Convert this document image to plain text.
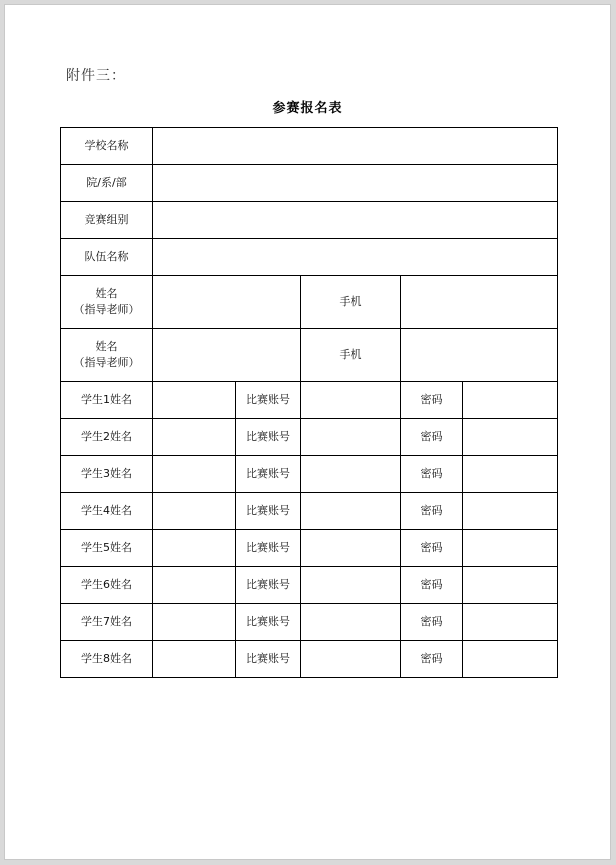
附件三：
参赛报名表
学校名称					
院/系/部					
竞赛组别					
队伍名称					

姓名
（指导老师）			手机		

姓名
（指导老师）			手机		
学生1姓名		比赛账号		密码	
学生2姓名		比赛账号		密码	
学生3姓名		比赛账号		密码	
学生4姓名		比赛账号		密码	
学生5姓名		比赛账号		密码	
学生6姓名		比赛账号		密码	
学生7姓名		比赛账号		密码	
学生8姓名		比赛账号		密码	
